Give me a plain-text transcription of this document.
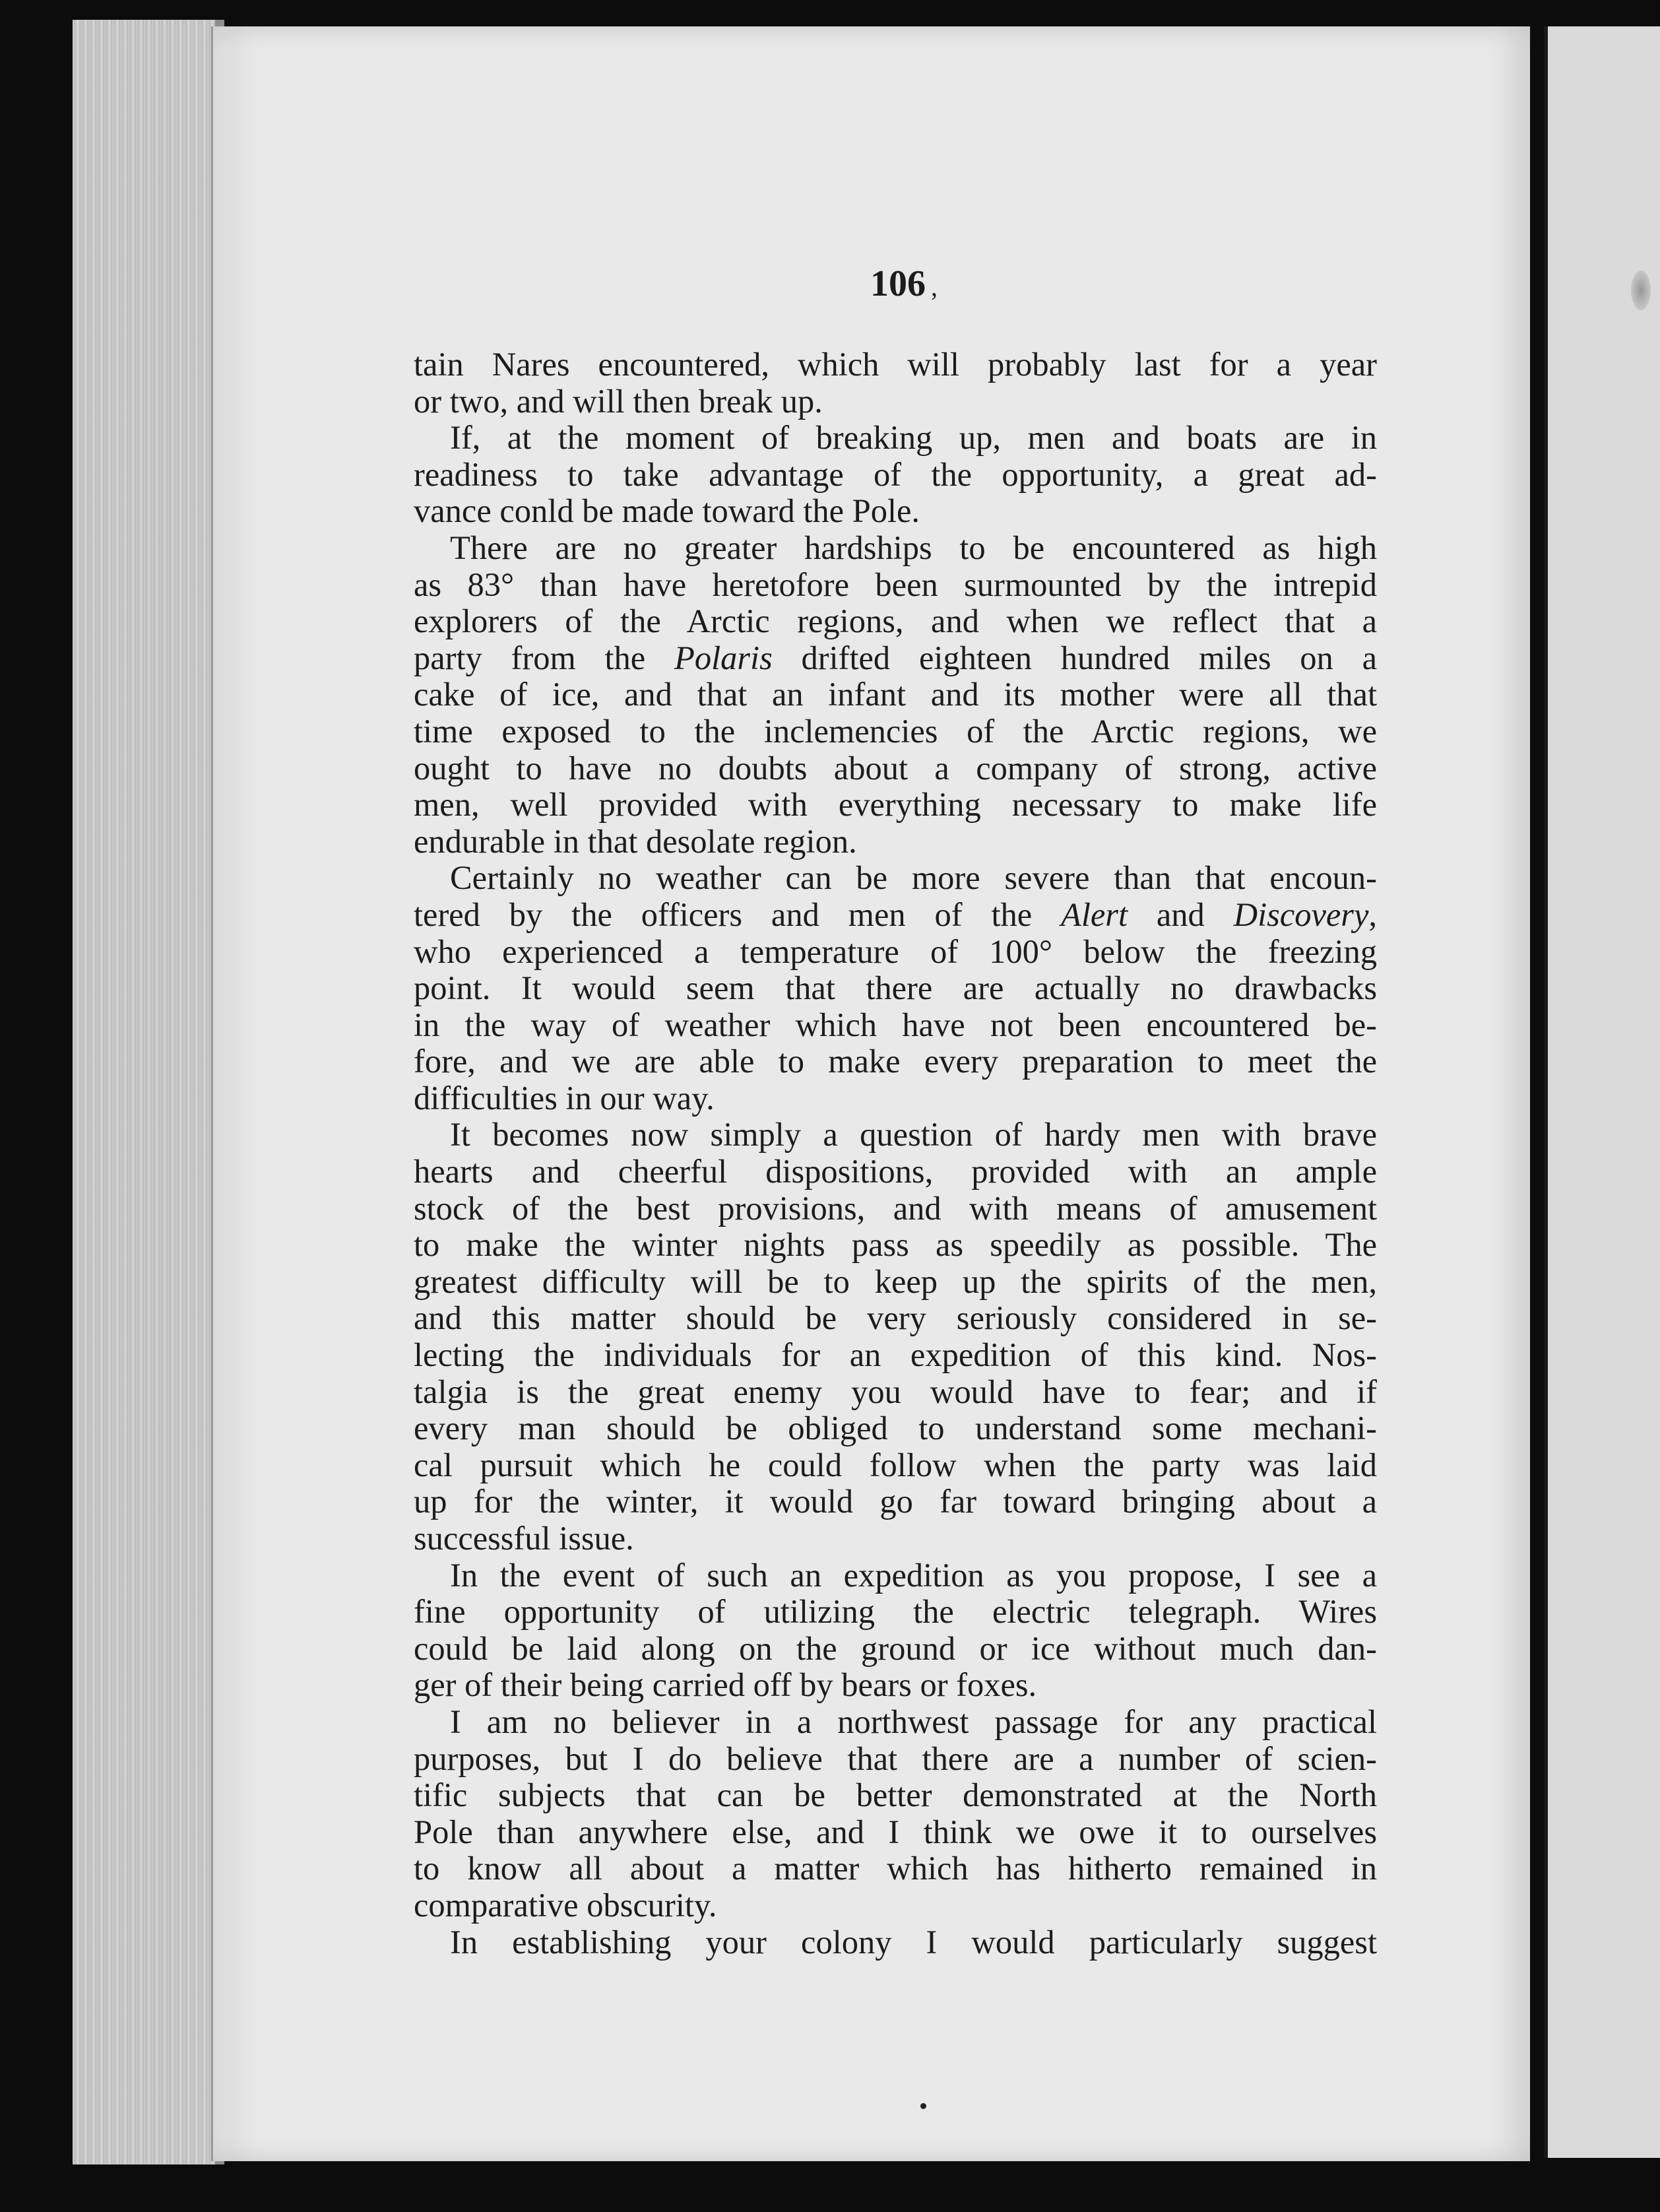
106 ,
tain Nares encountered, which will probably last for a year
or two, and will then break up.
If, at the moment of breaking up, men and boats are in
readiness to take advantage of the opportunity, a great ad-
vance conld be made toward the Pole.
There are no greater hardships to be encountered as high
as 83° than have heretofore been surmounted by the intrepid
explorers of the Arctic regions, and when we reflect that a
party from the Polaris drifted eighteen hundred miles on a
cake of ice, and that an infant and its mother were all that
time exposed to the inclemencies of the Arctic regions, we
ought to have no doubts about a company of strong, active
men, well provided with everything necessary to make life
endurable in that desolate region.
Certainly no weather can be more severe than that encoun-
tered by the officers and men of the Alert and Discovery,
who experienced a temperature of 100° below the freezing
point. It would seem that there are actually no drawbacks
in the way of weather which have not been encountered be-
fore, and we are able to make every preparation to meet the
difficulties in our way.
It becomes now simply a question of hardy men with brave
hearts and cheerful dispositions, provided with an ample
stock of the best provisions, and with means of amusement
to make the winter nights pass as speedily as possible. The
greatest difficulty will be to keep up the spirits of the men,
and this matter should be very seriously considered in se-
lecting the individuals for an expedition of this kind. Nos-
talgia is the great enemy you would have to fear; and if
every man should be obliged to understand some mechani-
cal pursuit which he could follow when the party was laid
up for the winter, it would go far toward bringing about a
successful issue.
In the event of such an expedition as you propose, I see a
fine opportunity of utilizing the electric telegraph. Wires
could be laid along on the ground or ice without much dan-
ger of their being carried off by bears or foxes.
I am no believer in a northwest passage for any practical
purposes, but I do believe that there are a number of scien-
tific subjects that can be better demonstrated at the North
Pole than anywhere else, and I think we owe it to ourselves
to know all about a matter which has hitherto remained in
comparative obscurity.
In establishing your colony I would particularly suggest
